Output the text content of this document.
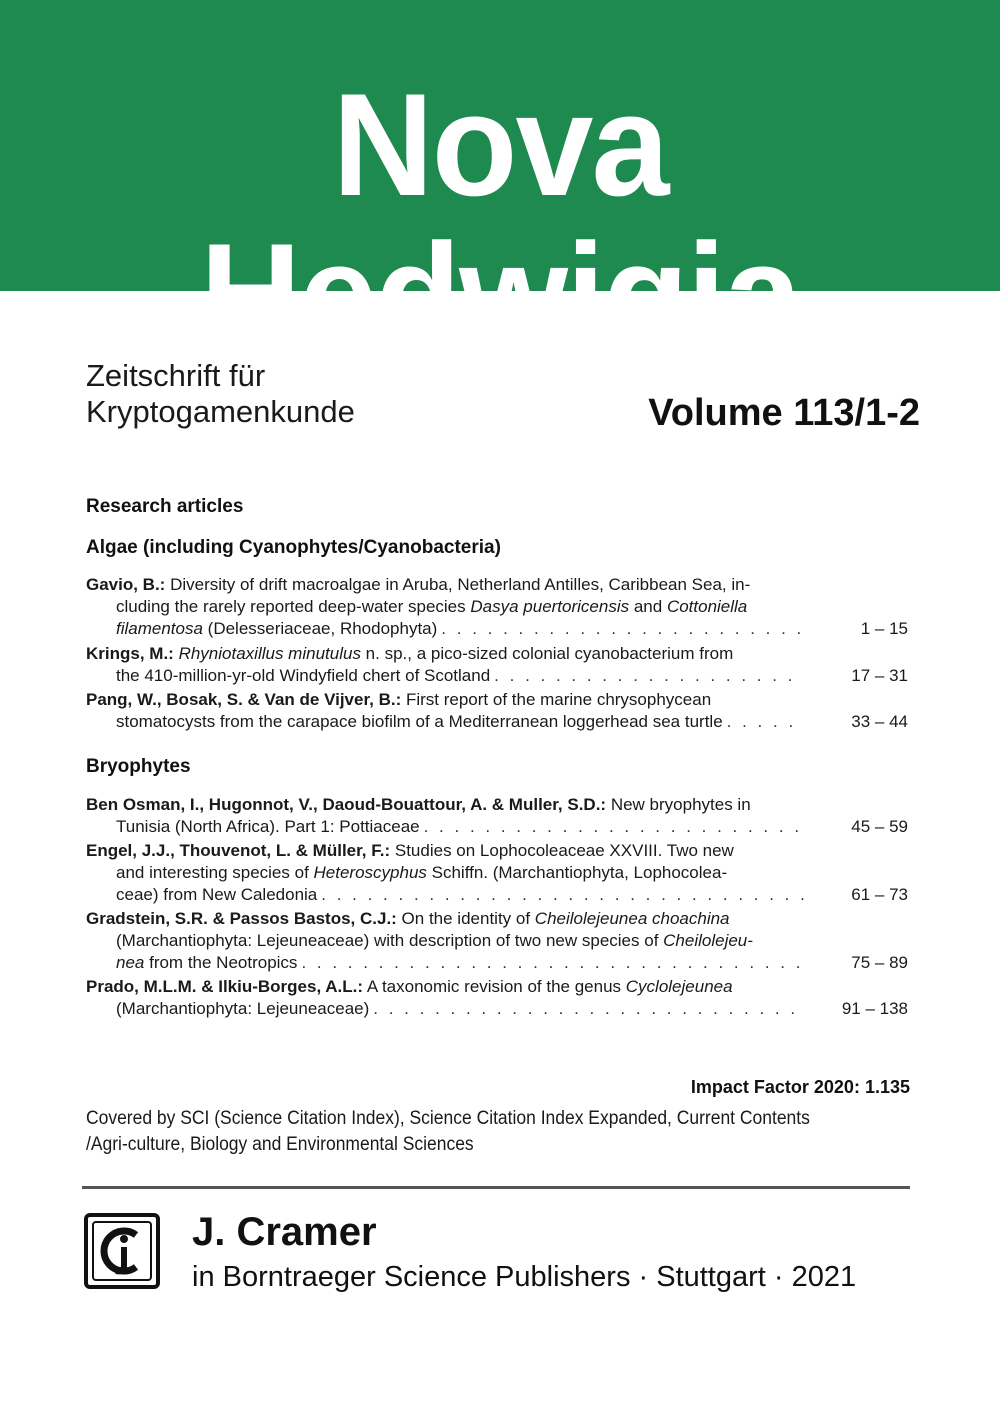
Nova Hedwigia
Zeitschrift für
Kryptogamenkunde	Volume 113/1-2
Research articles
Algae (including Cyanophytes/Cyanobacteria)
Gavio, B.: Diversity of drift macroalgae in Aruba, Netherland Antilles, Caribbean Sea, in-
cluding the rarely reported deep-water species Dasya puertoricensis and Cottoniella
filamentosa (Delesseriaceae, Rhodophyta) . . .	1 – 15
Krings, M.: Rhyniotaxillus minutulus n. sp., a pico-sized colonial cyanobacterium from
the 410-million-yr-old Windyfield chert of Scotland . . .	17 – 31
Pang, W., Bosak, S. & Van de Vijver, B.: First report of the marine chrysophycean
stomatocysts from the carapace biofilm of a Mediterranean loggerhead sea turtle . . .	33 – 44
Bryophytes
Ben Osman, I., Hugonnot, V., Daoud-Bouattour, A. & Muller, S.D.: New bryophytes in
Tunisia (North Africa). Part 1: Pottiaceae . . .	45 – 59
Engel, J.J., Thouvenot, L. & Müller, F.: Studies on Lophocoleaceae XXVIII. Two new
and interesting species of Heteroscyphus Schiffn. (Marchantiophyta, Lophocolea-
ceae) from New Caledonia . . .	61 – 73
Gradstein, S.R. & Passos Bastos, C.J.: On the identity of Cheilolejeunea choachina
(Marchantiophyta: Lejeuneaceae) with description of two new species of Cheilolejeu-
nea from the Neotropics . . .	75 – 89
Prado, M.L.M. & Ilkiu-Borges, A.L.: A taxonomic revision of the genus Cyclolejeunea
(Marchantiophyta: Lejeuneaceae) . . .	91 – 138
Impact Factor 2020: 1.135
Covered by SCI (Science Citation Index), Science Citation Index Expanded, Current Contents /Agri-culture, Biology and Environmental Sciences
J. Cramer
in Borntraeger Science Publishers · Stuttgart · 2021
